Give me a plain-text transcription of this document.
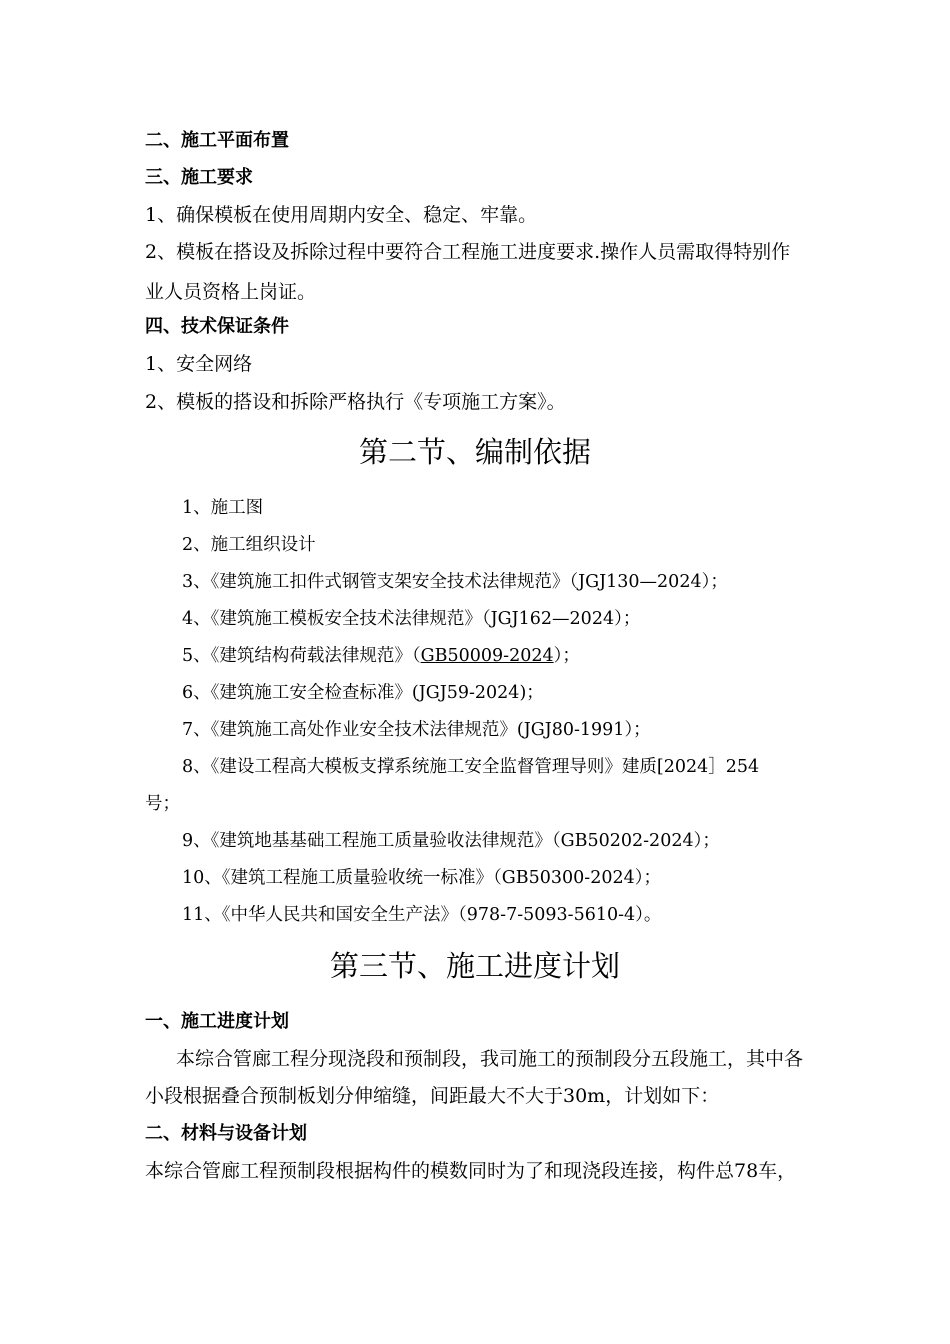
二、施工平面布置
三、施工要求
1、确保模板在使用周期内安全、稳定、牢靠。
2、模板在搭设及拆除过程中要符合工程施工进度要求.操作人员需取得特别作
业人员资格上岗证。
四、技术保证条件
1、安全网络
2、模板的搭设和拆除严格执行《专项施工方案》。
第二节、编制依据
1、施工图
2、施工组织设计
3、《建筑施工扣件式钢管支架安全技术法律规范》（JGJ130—2024）；
4、《建筑施工模板安全技术法律规范》（JGJ162—2024）；
5、《建筑结构荷载法律规范》（GB50009-2024）；
6、《建筑施工安全检查标准》(JGJ59-2024)；
7、《建筑施工高处作业安全技术法律规范》(JGJ80-1991）；
8、《建设工程高大模板支撑系统施工安全监督管理导则》建质[2024］254
号；
9、《建筑地基基础工程施工质量验收法律规范》（GB50202-2024）；
10、《建筑工程施工质量验收统一标准》（GB50300-2024）；
11、《中华人民共和国安全生产法》（978-7-5093-5610-4）。
第三节、施工进度计划
一、施工进度计划
本综合管廊工程分现浇段和预制段，我司施工的预制段分五段施工，其中各
小段根据叠合预制板划分伸缩缝，间距最大不大于30m，计划如下：
二、材料与设备计划
本综合管廊工程预制段根据构件的模数同时为了和现浇段连接，构件总78车，
